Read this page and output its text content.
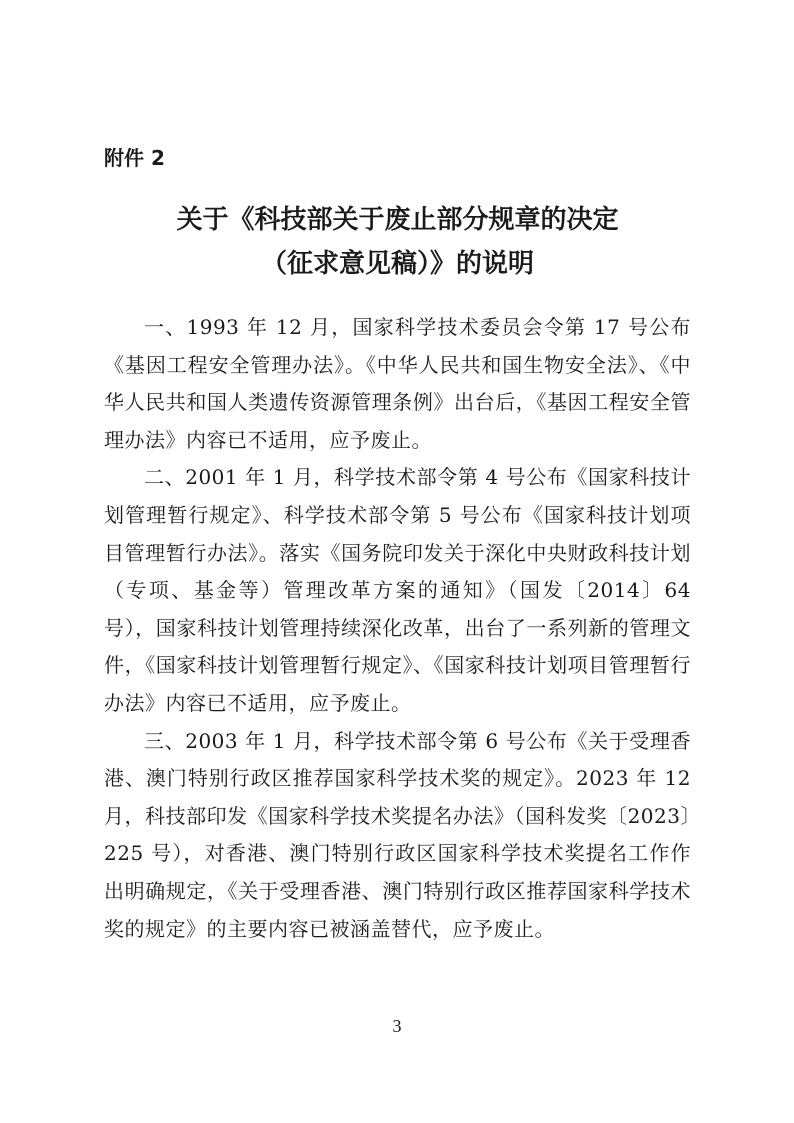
附件 2

关于《科技部关于废止部分规章的决定
（征求意见稿）》的说明

一、1993 年 12 月，国家科学技术委员会令第 17 号公布《基因工程安全管理办法》。《中华人民共和国生物安全法》、《中华人民共和国人类遗传资源管理条例》出台后，《基因工程安全管理办法》内容已不适用，应予废止。

二、2001 年 1 月，科学技术部令第 4 号公布《国家科技计划管理暂行规定》、科学技术部令第 5 号公布《国家科技计划项目管理暂行办法》。落实《国务院印发关于深化中央财政科技计划（专项、基金等）管理改革方案的通知》（国发〔2014〕64 号），国家科技计划管理持续深化改革，出台了一系列新的管理文件，《国家科技计划管理暂行规定》、《国家科技计划项目管理暂行办法》内容已不适用，应予废止。

三、2003 年 1 月，科学技术部令第 6 号公布《关于受理香港、澳门特别行政区推荐国家科学技术奖的规定》。2023 年 12 月，科技部印发《国家科学技术奖提名办法》（国科发奖〔2023〕225 号），对香港、澳门特别行政区国家科学技术奖提名工作作出明确规定，《关于受理香港、澳门特别行政区推荐国家科学技术奖的规定》的主要内容已被涵盖替代，应予废止。

3
